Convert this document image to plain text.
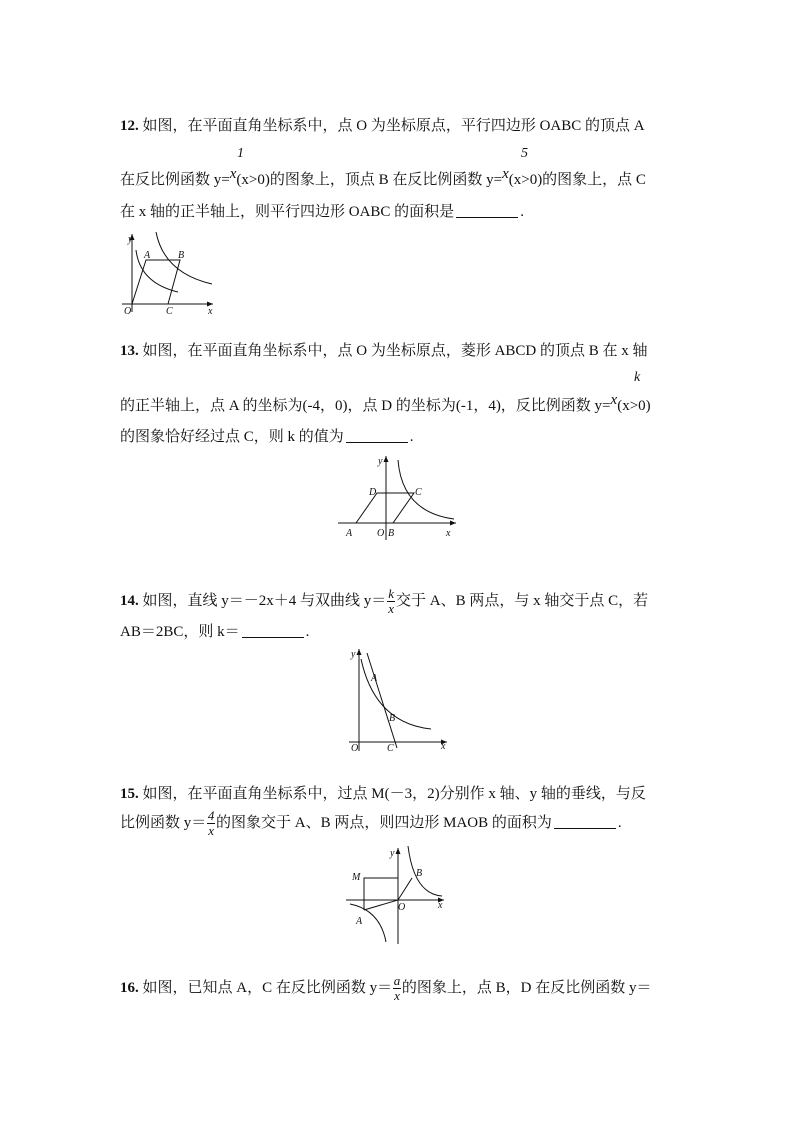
12. 如图，在平面直角坐标系中，点 O 为坐标原点，平行四边形 OABC 的顶点 A
1	5
在反比例函数 y=x(x>0)的图象上，顶点 B 在反比例函数 y=x(x>0)的图象上，点 C
在 x 轴的正半轴上，则平行四边形 OABC 的面积是	.
y
A	B
O	C	x
13. 如图，在平面直角坐标系中，点 O 为坐标原点，菱形 ABCD 的顶点 B 在 x 轴
k
的正半轴上，点 A 的坐标为(-4，0)，点 D 的坐标为(-1，4)，反比例函数 y=x(x>0)
的图象恰好经过点 C，则 k 的值为	.
y
D	C
A O B	x
14. 如图，直线 y＝－2x＋4 与双曲线 $y= \frac{k}{x}$ 交于 A、B 两点，与 x 轴交于点 C，若
AB＝2BC，则 k＝	.
y
A
B
O	C	x
15. 如图，在平面直角坐标系中，过点 M(－3，2)分别作 x 轴、y 轴的垂线，与反
比例函数 $y= \frac{4}{x}$ 的图象交于 A、B 两点，则四边形 MAOB 的面积为	.
y
M	B
O
A
x
16. 如图，已知点 A，C 在反比例函数 $y= \frac{a}{x}$ 的图象上，点 B，D 在反比例函数 y＝
